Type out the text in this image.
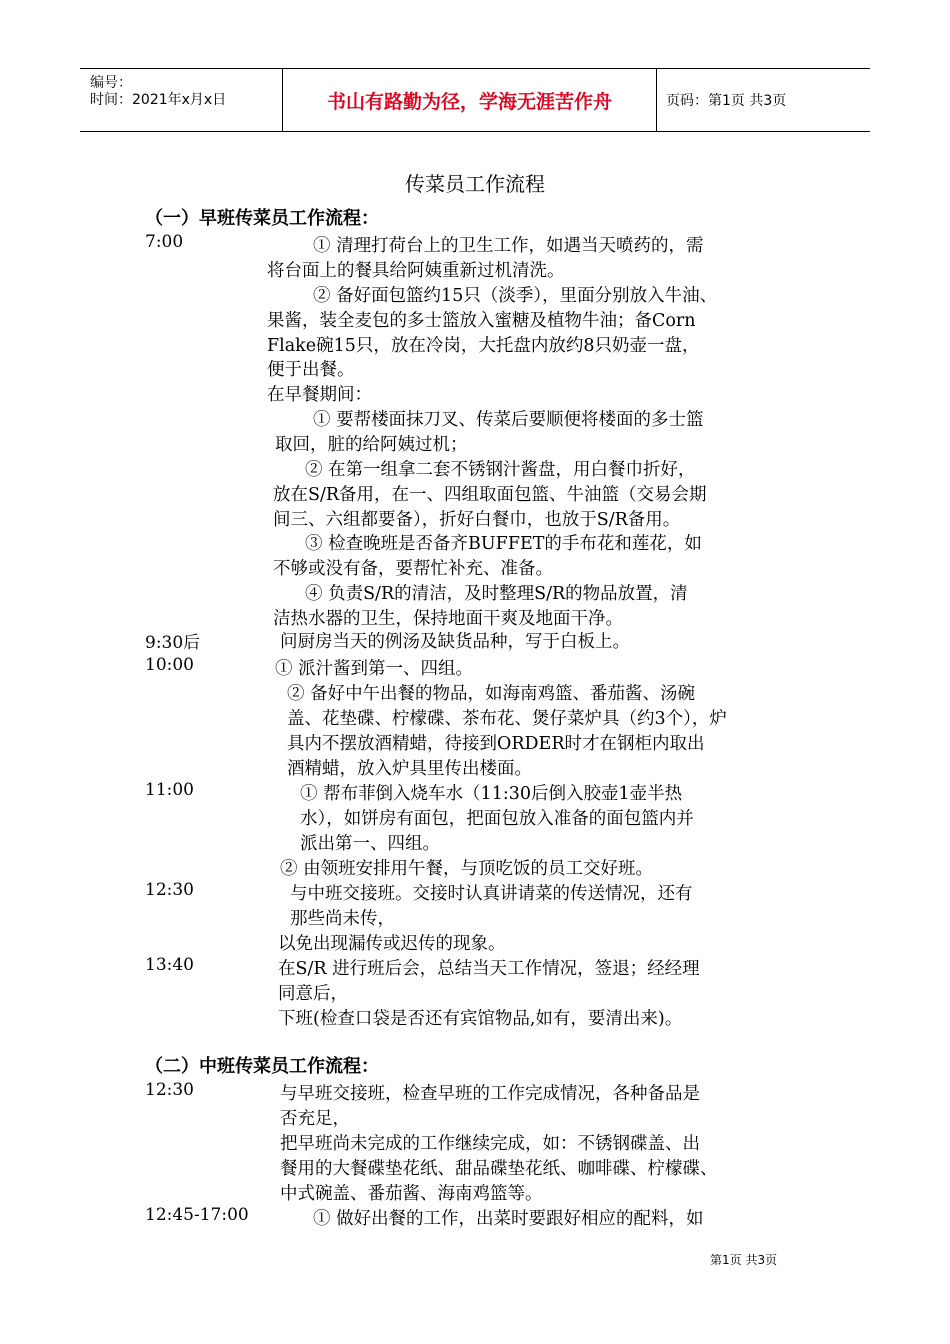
编号：
时间：2021年x月x日	书山有路勤为径，学海无涯苦作舟	页码：第1页 共3页
传菜员工作流程
（一）早班传菜员工作流程：
7:00
9:30后
10:00
11:00
12:30
13:40
① 清理打荷台上的卫生工作，如遇当天喷药的，需
将台面上的餐具给阿姨重新过机清洗。
② 备好面包篮约15只（淡季），里面分别放入牛油、
果酱，装全麦包的多士篮放入蜜糖及植物牛油；备Corn
Flake碗15只，放在冷岗，大托盘内放约8只奶壶一盘，
便于出餐。
在早餐期间：
① 要帮楼面抹刀叉、传菜后要顺便将楼面的多士篮
取回，脏的给阿姨过机；
② 在第一组拿二套不锈钢汁酱盘，用白餐巾折好，
放在S/R备用，在一、四组取面包篮、牛油篮（交易会期
间三、六组都要备），折好白餐巾，也放于S/R备用。
③ 检查晚班是否备齐BUFFET的手布花和莲花，如
不够或没有备，要帮忙补充、准备。
④ 负责S/R的清洁，及时整理S/R的物品放置，清
洁热水器的卫生，保持地面干爽及地面干净。
问厨房当天的例汤及缺货品种，写于白板上。
① 派汁酱到第一、四组。
② 备好中午出餐的物品，如海南鸡篮、番茄酱、汤碗
盖、花垫碟、柠檬碟、茶布花、煲仔菜炉具（约3个），炉
具内不摆放酒精蜡，待接到ORDER时才在钢柜内取出
酒精蜡，放入炉具里传出楼面。
① 帮布菲倒入烧车水（11:30后倒入胶壶1壶半热
水），如饼房有面包，把面包放入准备的面包篮内并
派出第一、四组。
② 由领班安排用午餐，与顶吃饭的员工交好班。
与中班交接班。交接时认真讲请菜的传送情况，还有
那些尚未传，
以免出现漏传或迟传的现象。
在S/R 进行班后会，总结当天工作情况，签退；经经理
同意后，
下班(检查口袋是否还有宾馆物品,如有，要清出来)。
（二）中班传菜员工作流程：
12:30
12:45-17:00
与早班交接班，检查早班的工作完成情况，各种备品是
否充足，
把早班尚未完成的工作继续完成，如：不锈钢碟盖、出
餐用的大餐碟垫花纸、甜品碟垫花纸、咖啡碟、柠檬碟、
中式碗盖、番茄酱、海南鸡篮等。
① 做好出餐的工作，出菜时要跟好相应的配料，如
第1页 共3页
